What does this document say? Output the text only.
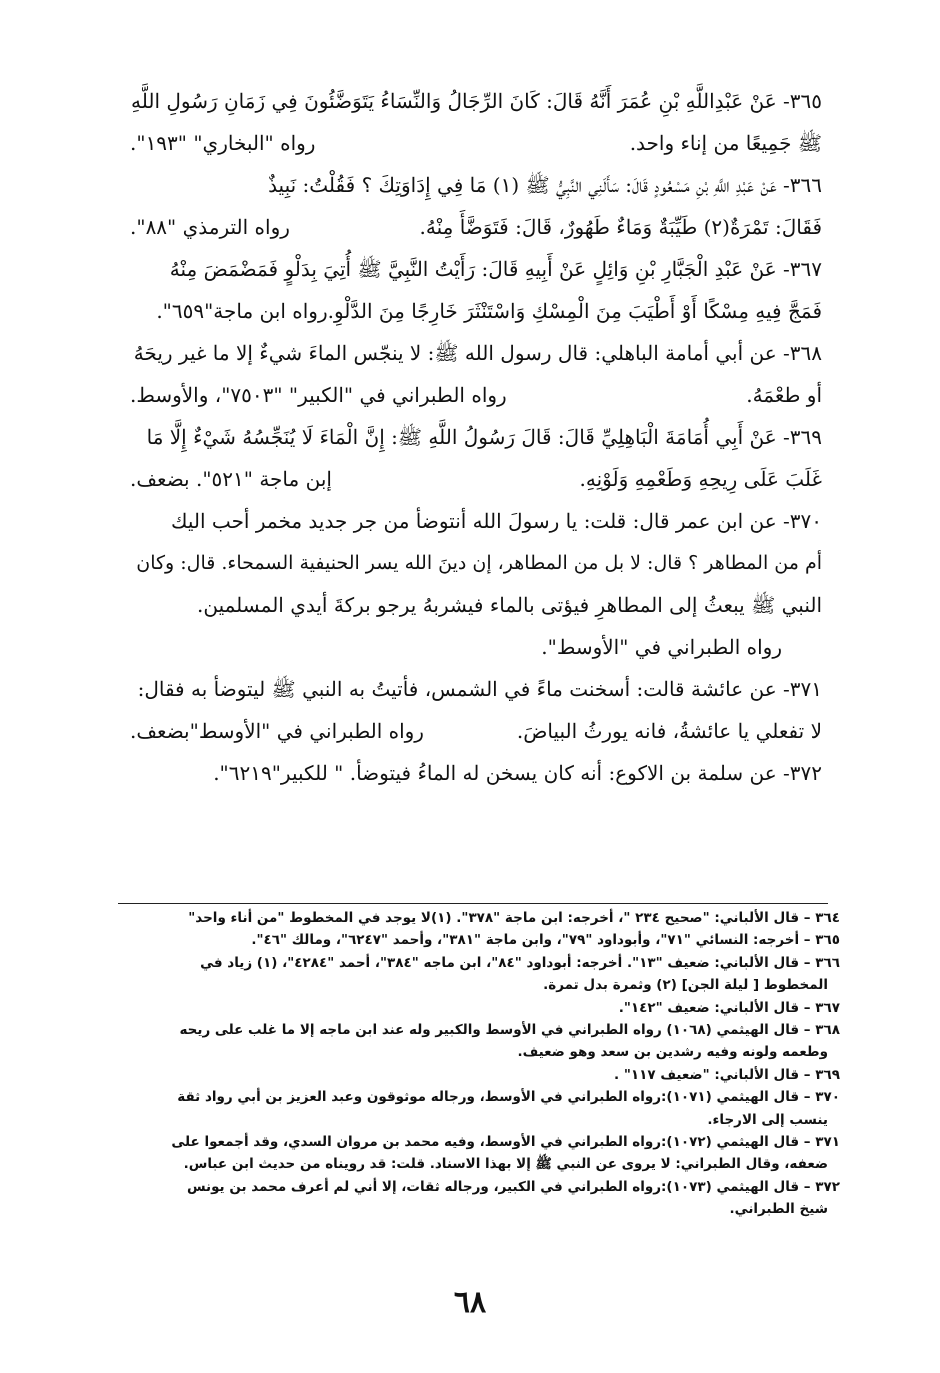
٣٦٥- عَنْ عَبْدِاللَّهِ بْنِ عُمَرَ أَنَّهُ قَالَ: كَانَ الرِّجَالُ وَالنِّسَاءُ يَتَوَضَّئُونَ فِي زَمَانِ رَسُولِ اللَّهِ
ﷺ جَمِيعًا من إناء واحد.
رواه "البخاري" "١٩٣".
٣٦٦- عَنْ عَبْدِ اللَّهِ بْنِ مَسْعُودٍ قَالَ: سَأَلَنِي النَّبِيُّ ﷺ (١) مَا فِي إِدَاوَتِكَ ؟ فَقُلْتُ: نَبِيذٌ
فَقَالَ: تَمْرَةٌ(٢) طَيِّبَةٌ وَمَاءٌ طَهُورٌ، قَالَ: فَتَوَضَّأَ مِنْهُ.
رواه الترمذي "٨٨".
٣٦٧- عَنْ عَبْدِ الْجَبَّارِ بْنِ وَائِلٍ عَنْ أَبِيهِ قَالَ: رَأَيْتُ النَّبِيَّ ﷺ أُتِيَ بِدَلْوٍ فَمَضْمَضَ مِنْهُ
فَمَجَّ فِيهِ مِسْكًا أَوْ أَطْيَبَ مِنَ الْمِسْكِ وَاسْتَنْثَرَ خَارِجًا مِنَ الدَّلْوِ.رواه ابن ماجة"٦٥٩".
٣٦٨- عن أبي أمامة الباهلي: قال رسول الله ﷺ: لا ينجّس الماءَ شيءٌ إلا ما غير ريحَهُ
أو طعْمَهُ.
رواه الطبراني في "الكبير" "٧٥٠٣"، والأوسط.
٣٦٩- عَنْ أَبِي أُمَامَةَ الْبَاهِلِيِّ قَالَ: قَالَ رَسُولُ اللَّهِ ﷺ: إِنَّ الْمَاءَ لَا يُنَجِّسُهُ شَيْءٌ إِلَّا مَا
غَلَبَ عَلَى رِيحِهِ وَطَعْمِهِ وَلَوْنِهِ.
إبن ماجة "٥٢١". بضعف.
٣٧٠- عن ابن عمر قال: قلت: يا رسولَ الله أنتوضأ من جر جديد مخمر أحب اليك
أم من المطاهر ؟ قال: لا بل من المطاهر، إن دينَ الله يسر الحنيفية السمحاء. قال: وكان
النبي ﷺ يبعثُ إلى المطاهرِ فيؤتى بالماء فيشربهُ يرجو بركةَ أيدي المسلمين.
رواه الطبراني في "الأوسط".
٣٧١- عن عائشة قالت: أسخنت ماءً في الشمس، فأتيتُ به النبي ﷺ ليتوضأ به فقال:
لا تفعلي يا عائشةُ، فانه يورثُ البياضَ.
رواه الطبراني في "الأوسط"بضعف.
٣٧٢- عن سلمة بن الاكوع: أنه كان يسخن له الماءُ فيتوضأ. " للكبير"٦٢١٩".
٣٦٤ – قال الألباني: "صحيح ٢٣٤ "، أخرجه: ابن ماجة "٣٧٨". (١)لا يوجد في المخطوط "من أناء واحد"
٣٦٥ – أخرجه: النسائي "٧١"، وأبوداود "٧٩"، وابن ماجة "٣٨١"، وأحمد "٦٢٤٧"، ومالك "٤٦".
٣٦٦ – قال الألباني: ضعيف "١٣". أخرجه: أبوداود "٨٤"، ابن ماجه "٣٨٤"، أحمد "٤٢٨٤"، (١) زياد في
المخطوط [ ليلة الجن] (٢) وثمرة بدل تمرة.
٣٦٧ – قال الألباني: ضعيف "١٤٢".
٣٦٨ – قال الهيثمي (١٠٦٨) رواه الطبراني في الأوسط والكبير وله عند ابن ماجه إلا ما غلب على ريحه
وطعمه ولونه وفيه رشدين بن سعد وهو ضعيف.
٣٦٩ – قال الألباني: "ضعيف ١١٧" .
٣٧٠ – قال الهيثمي (١٠٧١):رواه الطبراني في الأوسط، ورجاله موثوقون وعبد العزيز بن أبي رواد ثقة
ينسب إلى الارجاء.
٣٧١ – قال الهيثمي (١٠٧٢):رواه الطبراني في الأوسط، وفيه محمد بن مروان السدي، وقد أجمعوا على
ضعفه، وقال الطبراني: لا يروى عن النبي ﷺ إلا بهذا الاسناد. قلت: قد رويناه من حديث ابن عباس.
٣٧٢ – قال الهيثمي (١٠٧٣):رواه الطبراني في الكبير، ورجاله ثقات، إلا أني لم أعرف محمد بن يونس
شيخ الطبراني.
٦٨
